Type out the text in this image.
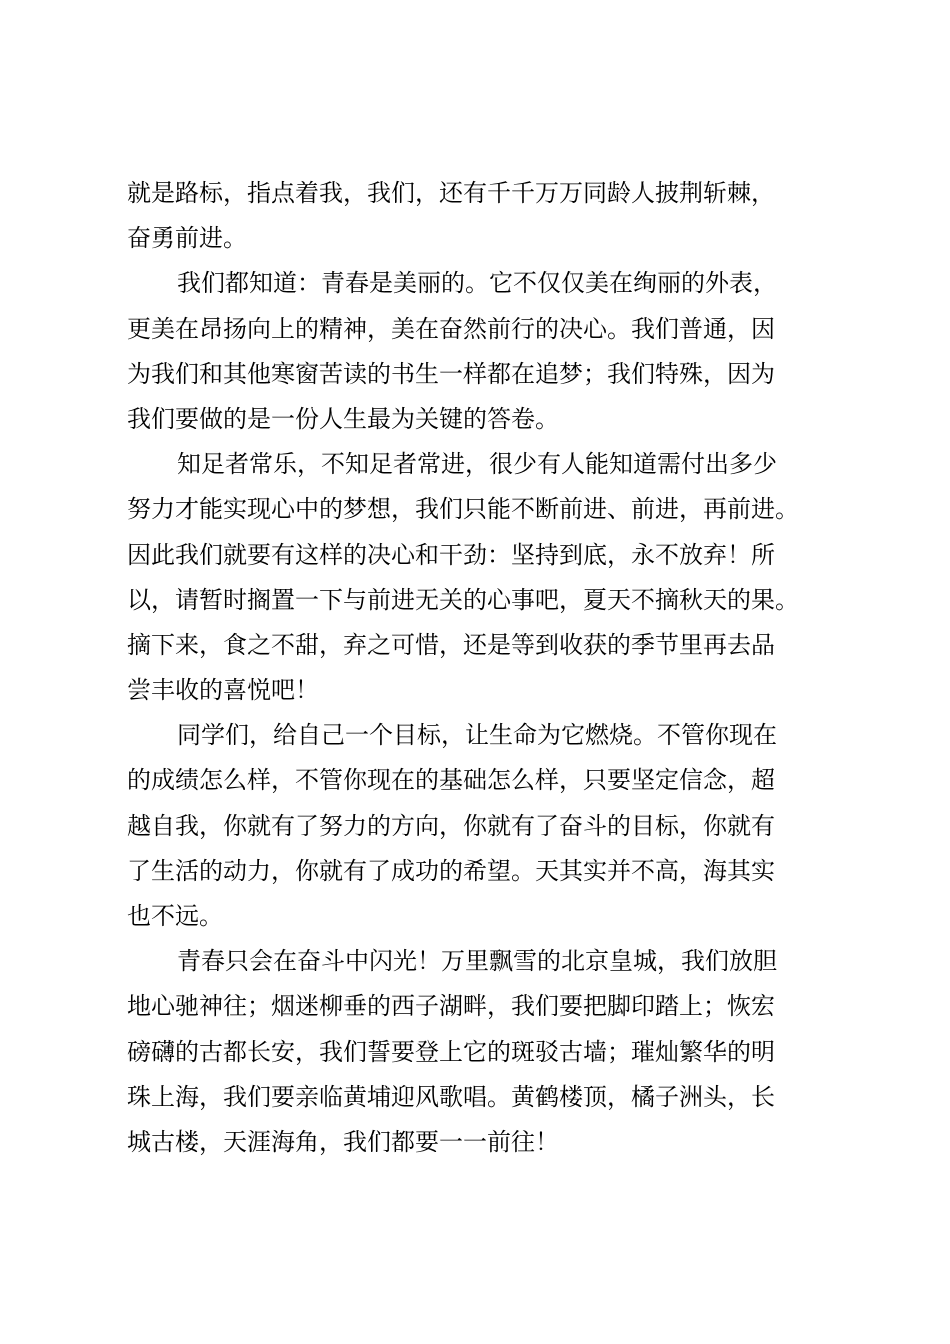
就是路标，指点着我，我们，还有千千万万同龄人披荆斩棘，
奋勇前进。
我们都知道：青春是美丽的。它不仅仅美在绚丽的外表，
更美在昂扬向上的精神，美在奋然前行的决心。我们普通，因
为我们和其他寒窗苦读的书生一样都在追梦；我们特殊，因为
我们要做的是一份人生最为关键的答卷。
知足者常乐，不知足者常进，很少有人能知道需付出多少
努力才能实现心中的梦想，我们只能不断前进、前进，再前进。
因此我们就要有这样的决心和干劲：坚持到底，永不放弃！所
以，请暂时搁置一下与前进无关的心事吧，夏天不摘秋天的果。
摘下来，食之不甜，弃之可惜，还是等到收获的季节里再去品
尝丰收的喜悦吧！
同学们，给自己一个目标，让生命为它燃烧。不管你现在
的成绩怎么样，不管你现在的基础怎么样，只要坚定信念，超
越自我，你就有了努力的方向，你就有了奋斗的目标，你就有
了生活的动力，你就有了成功的希望。天其实并不高，海其实
也不远。
青春只会在奋斗中闪光！万里飘雪的北京皇城，我们放胆
地心驰神往；烟迷柳垂的西子湖畔，我们要把脚印踏上；恢宏
磅礴的古都长安，我们誓要登上它的斑驳古墙；璀灿繁华的明
珠上海，我们要亲临黄埔迎风歌唱。黄鹤楼顶，橘子洲头，长
城古楼，天涯海角，我们都要一一前往！
